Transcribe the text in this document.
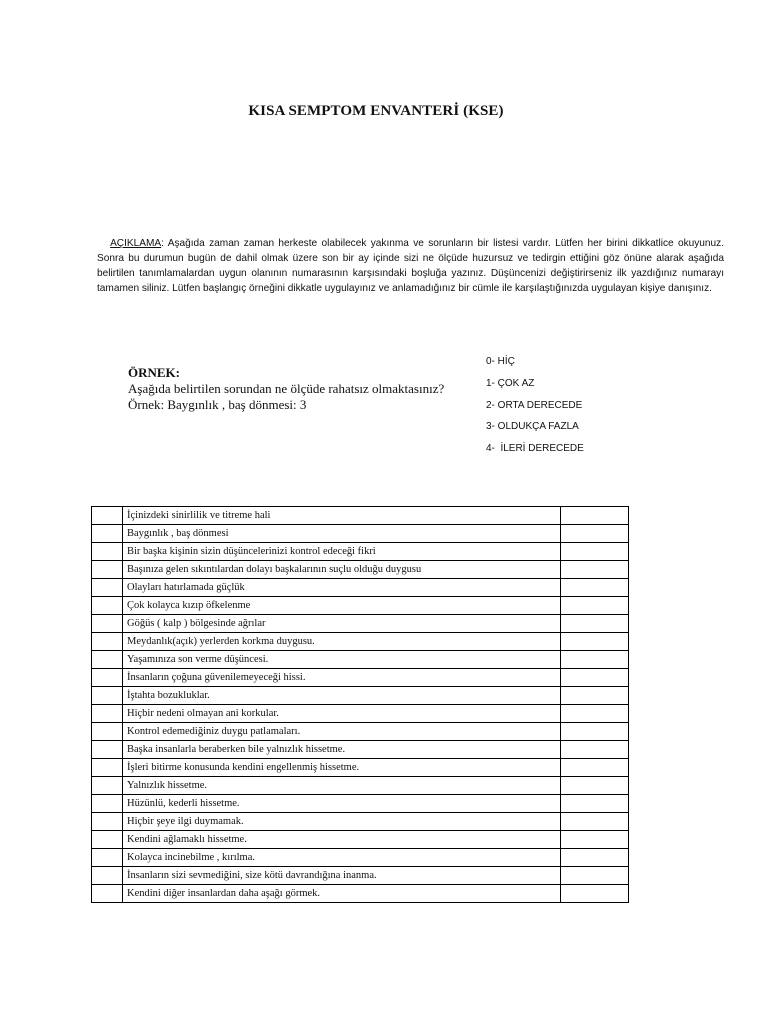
KISA SEMPTOM ENVANTERİ (KSE)
AÇIKLAMA: Aşağıda zaman zaman herkeste olabilecek yakınma ve sorunların bir listesi vardır. Lütfen her birini dikkatlice okuyunuz. Sonra bu durumun bugün de dahil olmak üzere son bir ay içinde sizi ne ölçüde huzursuz ve tedirgin ettiğini göz önüne alarak aşağıda belirtilen tanımlamalardan uygun olanının numarasının karşısındaki boşluğa yazınız. Düşüncenizi değiştirirseniz ilk yazdığınız numarayı tamamen siliniz. Lütfen başlangıç örneğini dikkatle uygulayınız ve anlamadığınız bir cümle ile karşılaştığınızda uygulayan kişiye danışınız.
ÖRNEK:
Aşağıda belirtilen sorundan ne ölçüde rahatsız olmaktasınız?
Örnek: Baygınlık , baş dönmesi: 3
0- HİÇ
1- ÇOK AZ
2- ORTA DERECEDE
3- OLDUKÇA FAZLA
4-  İLERİ DERECEDE
	İçinizdeki sinirlilik ve titreme hali	
	Baygınlık , baş dönmesi	
	Bir başka kişinin sizin düşüncelerinizi kontrol edeceği fikri	
	Başınıza gelen sıkıntılardan dolayı başkalarının suçlu olduğu duygusu	
	Olayları hatırlamada güçlük	
	Çok kolayca kızıp öfkelenme	
	Göğüs ( kalp ) bölgesinde ağrılar	
	Meydanlık(açık) yerlerden korkma duygusu.	
	Yaşamınıza son verme düşüncesi.	
	İnsanların çoğuna güvenilemeyeceği hissi.	
	İştahta bozukluklar.	
	Hiçbir nedeni olmayan ani korkular.	
	Kontrol edemediğiniz duygu patlamaları.	
	Başka insanlarla beraberken bile yalnızlık hissetme.	
	İşleri bitirme konusunda kendini engellenmiş hissetme.	
	Yalnızlık hissetme.	
	Hüzünlü, kederli hissetme.	
	Hiçbir şeye ilgi duymamak.	
	Kendini ağlamaklı hissetme.	
	Kolayca incinebilme , kırılma.	
	İnsanların sizi sevmediğini, size kötü davrandığına inanma.	
	Kendini diğer insanlardan daha aşağı görmek.	
